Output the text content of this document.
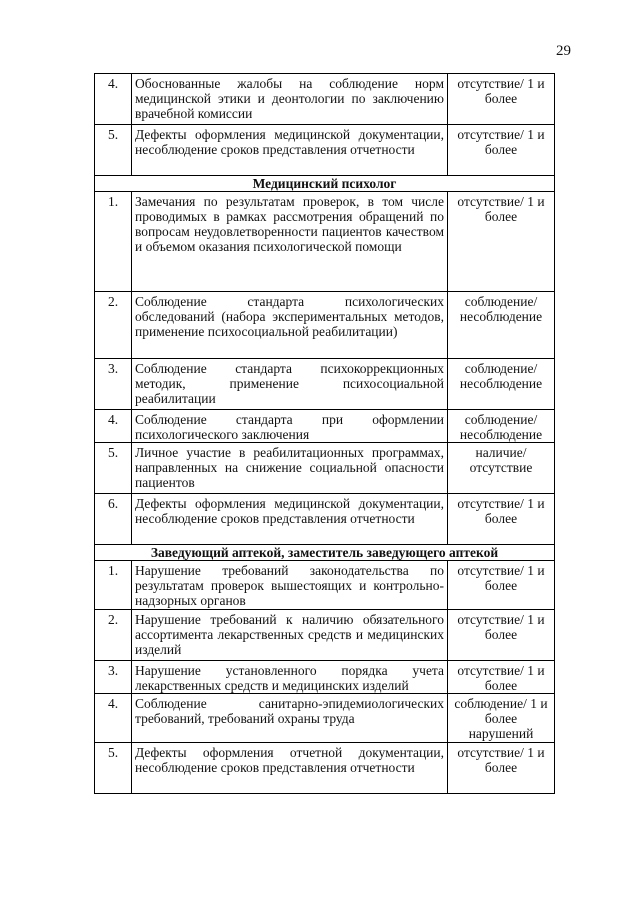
29
4.	Обоснованные жалобы на соблюдение норм медицинской этики и деонтологии по заключению врачебной комиссии	отсутствие/ 1 и более
5.	Дефекты оформления медицинской документации, несоблюдение сроков представления отчетности	отсутствие/ 1 и более
Медицинский психолог		
1.	Замечания по результатам проверок, в том числе проводимых в рамках рассмотрения обращений по вопросам неудовлетворенности пациентов качеством и объемом оказания психологической помощи	отсутствие/ 1 и более
2.	Соблюдение стандарта психологических обследований (набора экспериментальных методов, применение психосоциальной реабилитации)	соблюдение/ несоблюдение
3.	Соблюдение стандарта психокоррекционных методик, применение психосоциальной реабилитации	соблюдение/ несоблюдение
4.	Соблюдение стандарта при оформлении психологического заключения	соблюдение/ несоблюдение
5.	Личное участие в реабилитационных программах, направленных на снижение социальной опасности пациентов	наличие/ отсутствие
6.	Дефекты оформления медицинской документации, несоблюдение сроков представления отчетности	отсутствие/ 1 и более
Заведующий аптекой, заместитель заведующего аптекой		
1.	Нарушение требований законодательства по результатам проверок вышестоящих и контрольно-надзорных органов	отсутствие/ 1 и более
2.	Нарушение требований к наличию обязательного ассортимента лекарственных средств и медицинских изделий	отсутствие/ 1 и более
3.	Нарушение установленного порядка учета лекарственных средств и медицинских изделий	отсутствие/ 1 и более
4.	Соблюдение санитарно-эпидемиологических требований, требований охраны труда	соблюдение/ 1 и более нарушений
5.	Дефекты оформления отчетной документации, несоблюдение сроков представления отчетности	отсутствие/ 1 и более
